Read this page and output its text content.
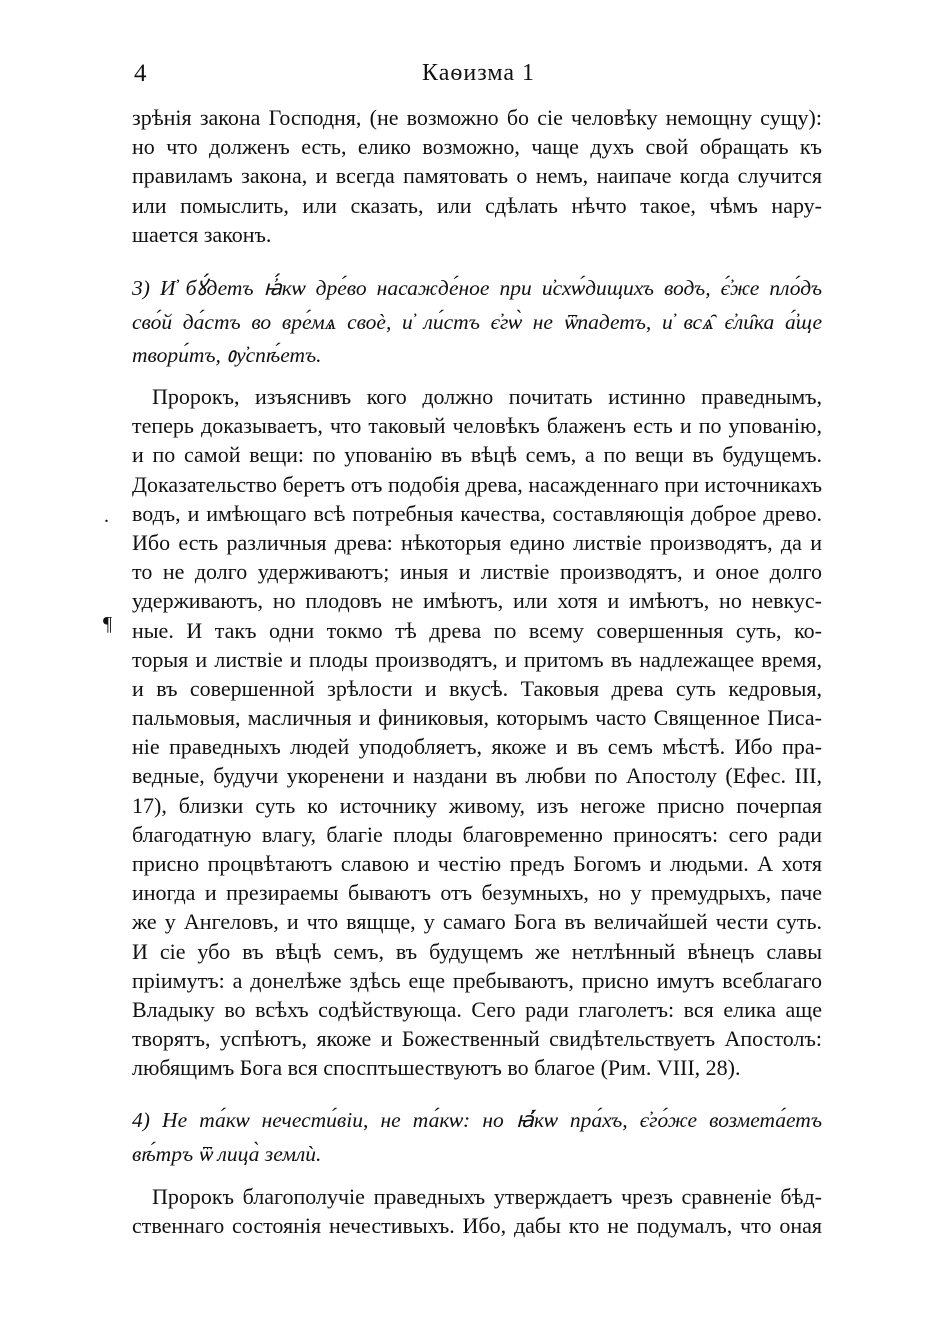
4	Каѳизма 1
зрѣнія закона Господня, (не возможно бо сіе человѣку немощну сущу):
но что долженъ есть, елико возможно, чаще духъ свой обращать къ
правиламъ закона, и всегда памятовать о немъ, наипаче когда случится
или помыслить, или сказать, или сдѣлать нѣчто такое, чѣмъ нару-
шается законъ.
3) И҆ бꙋ́детъ ꙗ҆́кѡ дре́во насажде́ное при и҆схѡ́дищихъ водъ, є҆́же пло́дъ
сво́й да́стъ во вре́мѧ своѐ, и҆ ли́стъ є҆гѡ̀ не ѿпадетъ, и҆ всѧ̑ є҆ли̑ка а҆́ще
твори́тъ, ᲂу҆спѣ́етъ.
.
¶
Пророкъ, изъяснивъ кого должно почитать истинно праведнымъ,
теперь доказываетъ, что таковый человѣкъ блаженъ есть и по упованію,
и по самой вещи: по упованію въ вѣцѣ семъ, а по вещи въ будущемъ.
Доказательство беретъ отъ подобія древа, насажденнаго при источникахъ
водъ, и имѣющаго всѣ потребныя качества, составляющія доброе древо.
Ибо есть различныя древа: нѣкоторыя едино листвіе производятъ, да и
то не долго удерживаютъ; иныя и листвіе производятъ, и оное долго
удерживаютъ, но плодовъ не имѣютъ, или хотя и имѣютъ, но невкус-
ные. И такъ одни токмо тѣ древа по всему совершенныя суть, ко-
торыя и листвіе и плоды производятъ, и притомъ въ надлежащее время,
и въ совершенной зрѣлости и вкусѣ. Таковыя древа суть кедровыя,
пальмовыя, масличныя и финиковыя, которымъ часто Священное Писа-
ніе праведныхъ людей уподобляетъ, якоже и въ семъ мѣстѣ. Ибо пра-
ведные, будучи укоренени и наздани въ любви по Апостолу (Ефес. III,
17), близки суть ко источнику живому, изъ негоже присно почерпая
благодатную влагу, благіе плоды благовременно приносятъ: сего ради
присно процвѣтаютъ славою и честію предъ Богомъ и людьми. А хотя
иногда и презираемы бываютъ отъ безумныхъ, но у премудрыхъ, паче
же у Ангеловъ, и что вящще, у самаго Бога въ величайшей чести суть.
И сіе убо въ вѣцѣ семъ, въ будущемъ же нетлѣнный вѣнецъ славы
пріимутъ: а донелѣже здѣсь еще пребываютъ, присно имутъ всеблагаго
Владыку во всѣхъ содѣйствующа. Сего ради глаголетъ: вся елика аще
творятъ, успѣютъ, якоже и Божественный свидѣтельствуетъ Апостолъ:
любящимъ Бога вся спосптьшествуютъ во благое (Рим. VIII, 28).
4) Не та́кѡ нечести́віи, не та́кѡ: но ꙗ҆́кѡ пра́хъ, є҆го́же возмета́етъ
вѣ́тръ ѿ лица̀ землѝ.
Пророкъ благополучіе праведныхъ утверждаетъ чрезъ сравненіе бѣд-
ственнаго состоянія нечестивыхъ. Ибо, дабы кто не подумалъ, что оная
